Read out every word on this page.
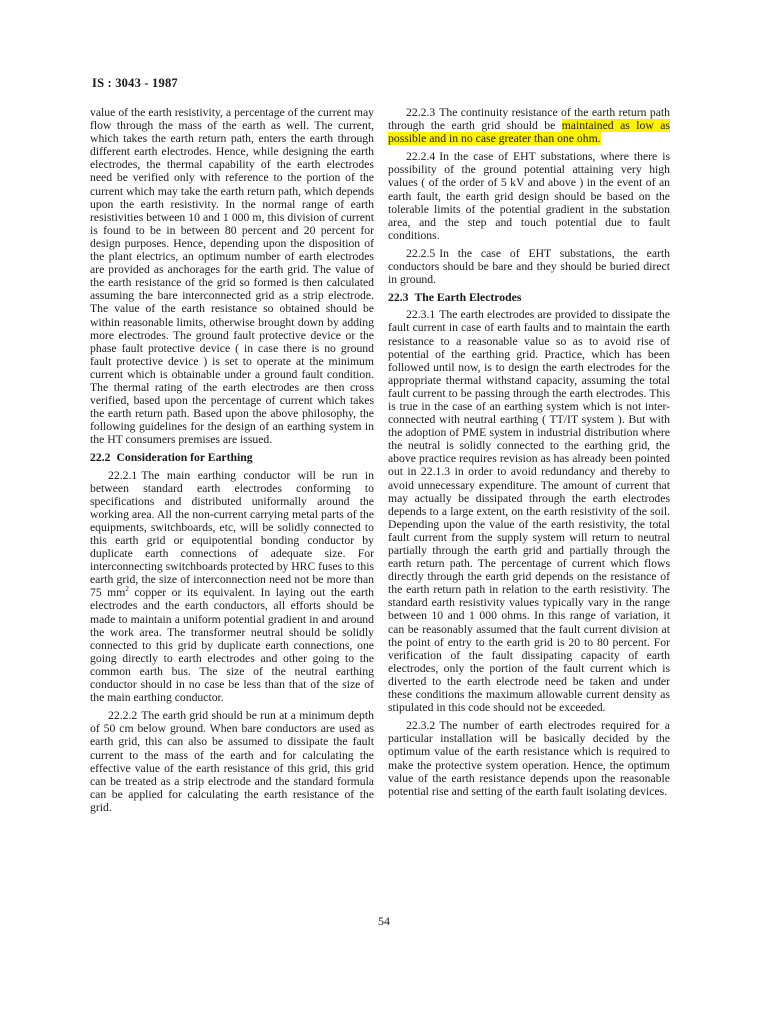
IS : 3043 - 1987

value of the earth resistivity, a percentage of the current may flow through the mass of the earth as well. The current, which takes the earth return path, enters the earth through different earth electrodes. Hence, while designing the earth electrodes, the thermal capability of the earth electrodes need be verified only with reference to the portion of the current which may take the earth return path, which depends upon the earth resistivity. In the normal range of earth resistivities between 10 and 1 000 m, this division of current is found to be in between 80 percent and 20 percent for design purposes. Hence, depending upon the disposition of the plant electrics, an optimum number of earth electrodes are provided as anchorages for the earth grid. The value of the earth resistance of the grid so formed is then calculated assuming the bare interconnected grid as a strip electrode. The value of the earth resistance so obtained should be within reasonable limits, otherwise brought down by adding more electrodes. The ground fault protective device or the phase fault protective device ( in case there is no ground fault protective device ) is set to operate at the minimum current which is obtainable under a ground fault condition. The thermal rating of the earth electrodes are then cross verified, based upon the percentage of current which takes the earth return path. Based upon the above philosophy, the following guidelines for the design of an earthing system in the HT consumers premises are issued.

22.2 Consideration for Earthing

22.2.1 The main earthing conductor will be run in between standard earth electrodes conforming to specifications and distributed uniformally around the working area. All the non-current carrying metal parts of the equipments, switchboards, etc, will be solidly connected to this earth grid or equipotential bonding conductor by duplicate earth connections of adequate size. For interconnecting switchboards protected by HRC fuses to this earth grid, the size of interconnection need not be more than 75 $mm^2$ copper or its equivalent. In laying out the earth electrodes and the earth conductors, all efforts should be made to maintain a uniform potential gradient in and around the work area. The transformer neutral should be solidly connected to this grid by duplicate earth connections, one going directly to earth electrodes and other going to the common earth bus. The size of the neutral earthing conductor should in no case be less than that of the size of the main earthing conductor.

22.2.2 The earth grid should be run at a minimum depth of 50 cm below ground. When bare conductors are used as earth grid, this can also be assumed to dissipate the fault current to the mass of the earth and for calculating the effective value of the earth resistance of this grid, this grid can be treated as a strip electrode and the standard formula can be applied for calculating the earth resistance of the grid.

22.2.3 The continuity resistance of the earth return path through the earth grid should be maintained as low as possible and in no case greater than one ohm.

22.2.4 In the case of EHT substations, where there is possibility of the ground potential attaining very high values ( of the order of 5 kV and above ) in the event of an earth fault, the earth grid design should be based on the tolerable limits of the potential gradient in the substation area, and the step and touch potential due to fault conditions.

22.2.5 In the case of EHT substations, the earth conductors should be bare and they should be buried direct in ground.

22.3 The Earth Electrodes

22.3.1 The earth electrodes are provided to dissipate the fault current in case of earth faults and to maintain the earth resistance to a reasonable value so as to avoid rise of potential of the earthing grid. Practice, which has been followed until now, is to design the earth electrodes for the appropriate thermal withstand capacity, assuming the total fault current to be passing through the earth electrodes. This is true in the case of an earthing system which is not inter-connected with neutral earthing ( TT/IT system ). But with the adoption of PME system in industrial distribution where the neutral is solidly connected to the earthing grid, the above practice requires revision as has already been pointed out in 22.1.3 in order to avoid redundancy and thereby to avoid unnecessary expenditure. The amount of current that may actually be dissipated through the earth electrodes depends to a large extent, on the earth resistivity of the soil. Depending upon the value of the earth resistivity, the total fault current from the supply system will return to neutral partially through the earth grid and partially through the earth return path. The percentage of current which flows directly through the earth grid depends on the resistance of the earth return path in relation to the earth resistivity. The standard earth resistivity values typically vary in the range between 10 and 1 000 ohms. In this range of variation, it can be reasonably assumed that the fault current division at the point of entry to the earth grid is 20 to 80 percent. For verification of the fault dissipating capacity of earth electrodes, only the portion of the fault current which is diverted to the earth electrode need be taken and under these conditions the maximum allowable current density as stipulated in this code should not be exceeded.

22.3.2 The number of earth electrodes required for a particular installation will be basically decided by the optimum value of the earth resistance which is required to make the protective system operation. Hence, the optimum value of the earth resistance depends upon the reasonable potential rise and setting of the earth fault isolating devices.

54
